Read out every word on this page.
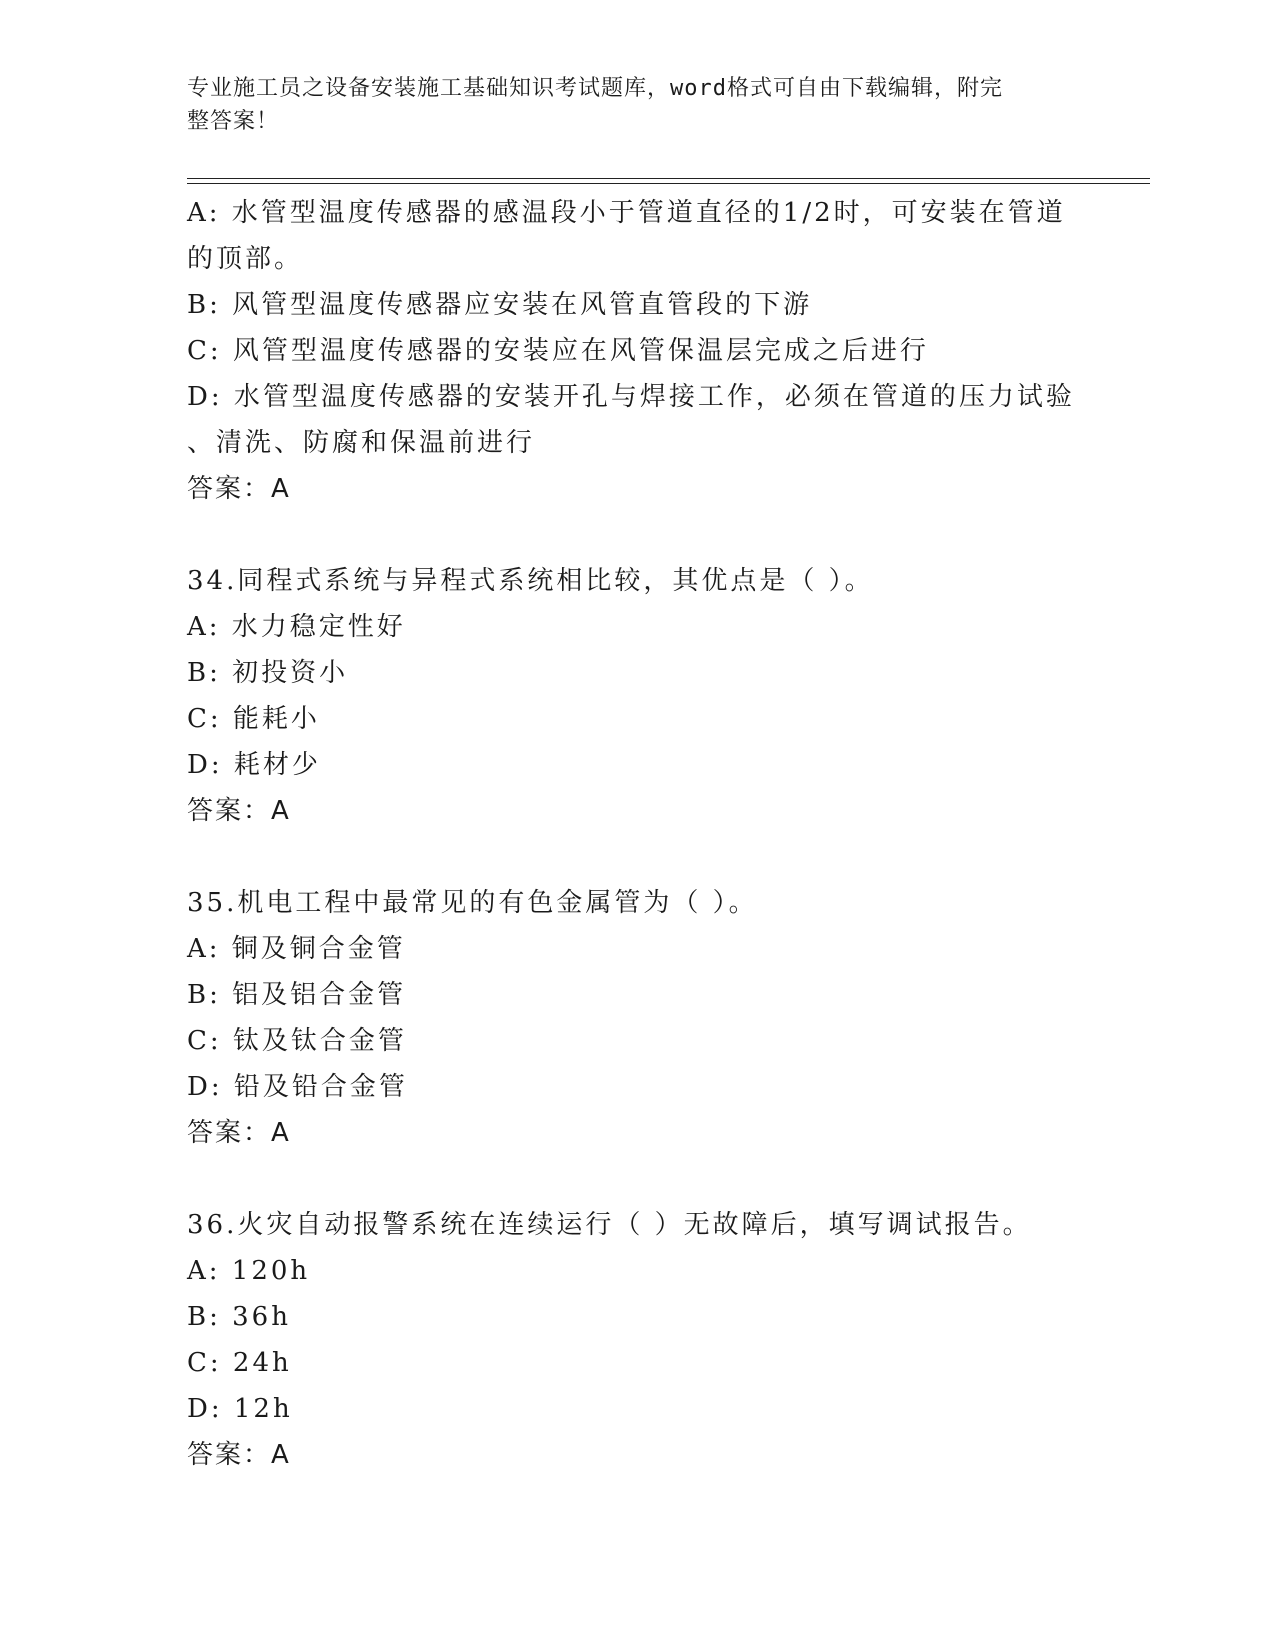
专业施工员之设备安装施工基础知识考试题库，word格式可自由下载编辑，附完
整答案！
A: 水管型温度传感器的感温段小于管道直径的1/2时，可安装在管道
的顶部。
B: 风管型温度传感器应安装在风管直管段的下游
C: 风管型温度传感器的安装应在风管保温层完成之后进行
D: 水管型温度传感器的安装开孔与焊接工作，必须在管道的压力试验
、清洗、防腐和保温前进行
答案：A
34.同程式系统与异程式系统相比较，其优点是（ ）。
A: 水力稳定性好
B: 初投资小
C: 能耗小
D: 耗材少
答案：A
35.机电工程中最常见的有色金属管为（ ）。
A: 铜及铜合金管
B: 铝及铝合金管
C: 钛及钛合金管
D: 铅及铅合金管
答案：A
36.火灾自动报警系统在连续运行（ ）无故障后，填写调试报告。
A: 120h
B: 36h
C: 24h
D: 12h
答案：A
